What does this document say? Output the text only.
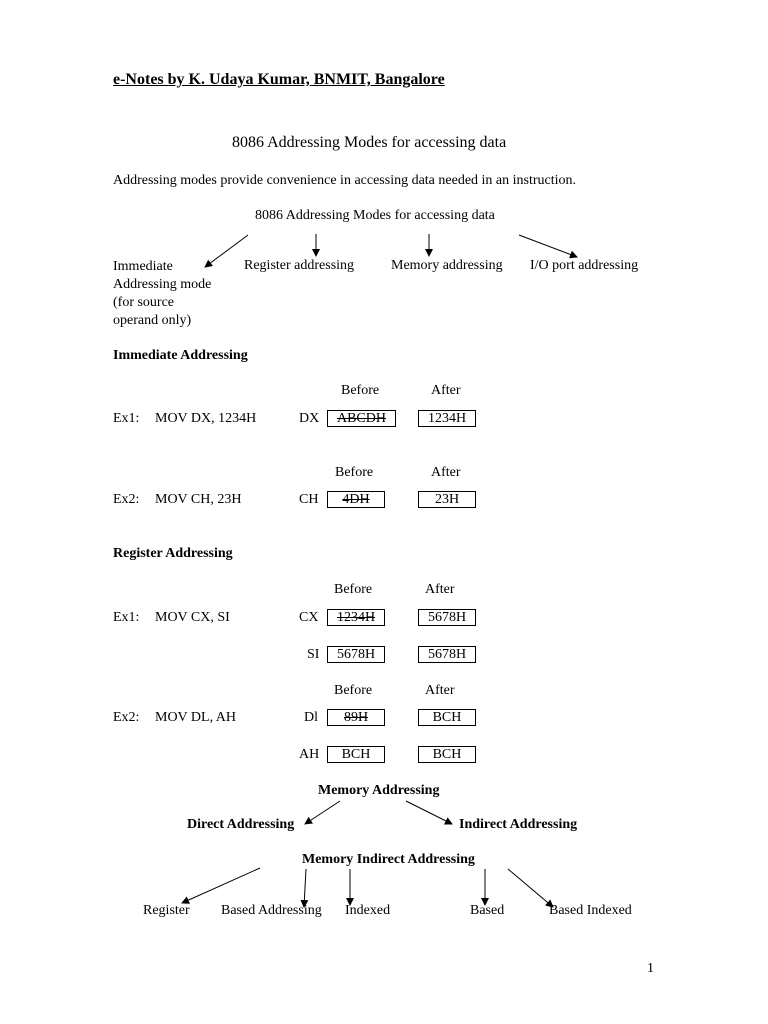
e-Notes by K. Udaya Kumar, BNMIT, Bangalore
8086 Addressing Modes for accessing data
Addressing modes provide convenience in accessing data needed in an instruction.
8086 Addressing Modes for accessing data
Immediate
Addressing mode
(for source
operand only)
Register addressing	Memory addressing I/O port addressing
Immediate Addressing
Before	After
Ex1: MOV DX, 1234H	DX	ABCDH	1234H
Before	After
Ex2: MOV CH, 23H	CH	4DH	23H
Register Addressing
Before	After
Ex1: MOV CX, SI	CX	1234H	5678H
SI	5678H	5678H
Before	After
Ex2: MOV DL, AH	Dl	89H	BCH
AH	BCH	BCH
Memory Addressing
Direct Addressing	Indirect Addressing
Memory Indirect Addressing
Register Based Addressing Indexed	Based	Based Indexed
1
